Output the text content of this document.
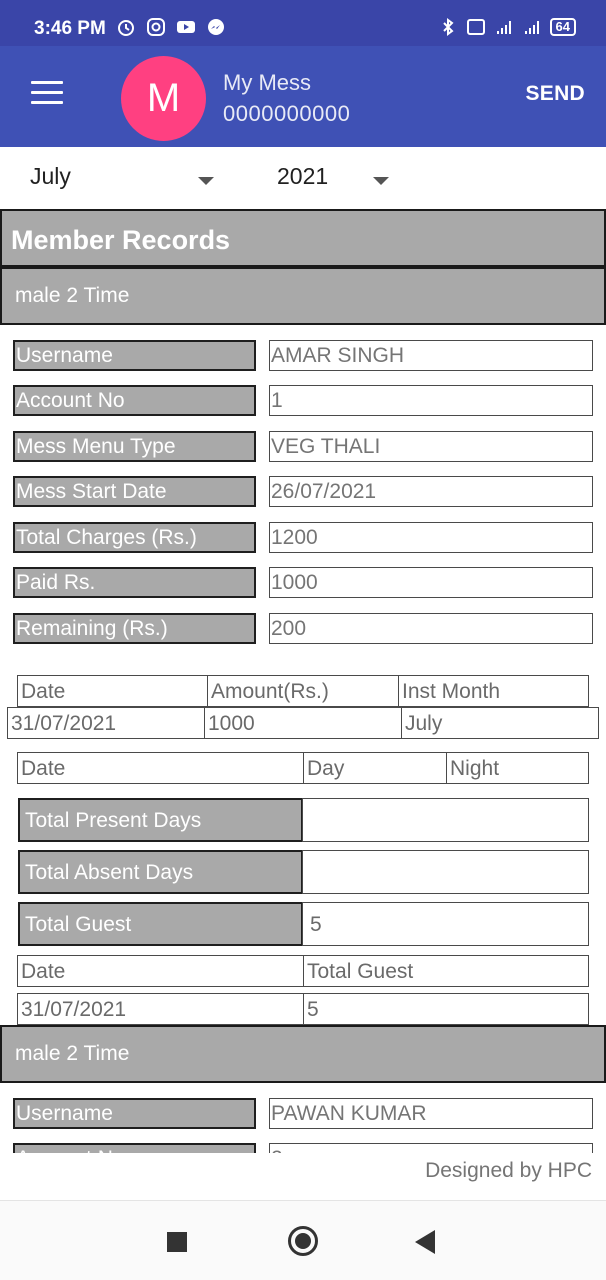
3:46 PM	64
M	My Mess
0000000000
SEND
July	2021
Member Records
male 2 Time
Username	AMAR SINGH
Account No	1
Mess Menu Type	VEG THALI
Mess Start Date	26/07/2021
Total Charges (Rs.)	1200
Paid Rs.	1000
Remaining (Rs.)	200
Date	Amount(Rs.)	Inst Month
31/07/2021	1000	July
Date	Day	Night
Total Present Days
Total Absent Days
Total Guest	5
Date	Total Guest
31/07/2021	5
male 2 Time
Username	PAWAN KUMAR
Designed by HPC
